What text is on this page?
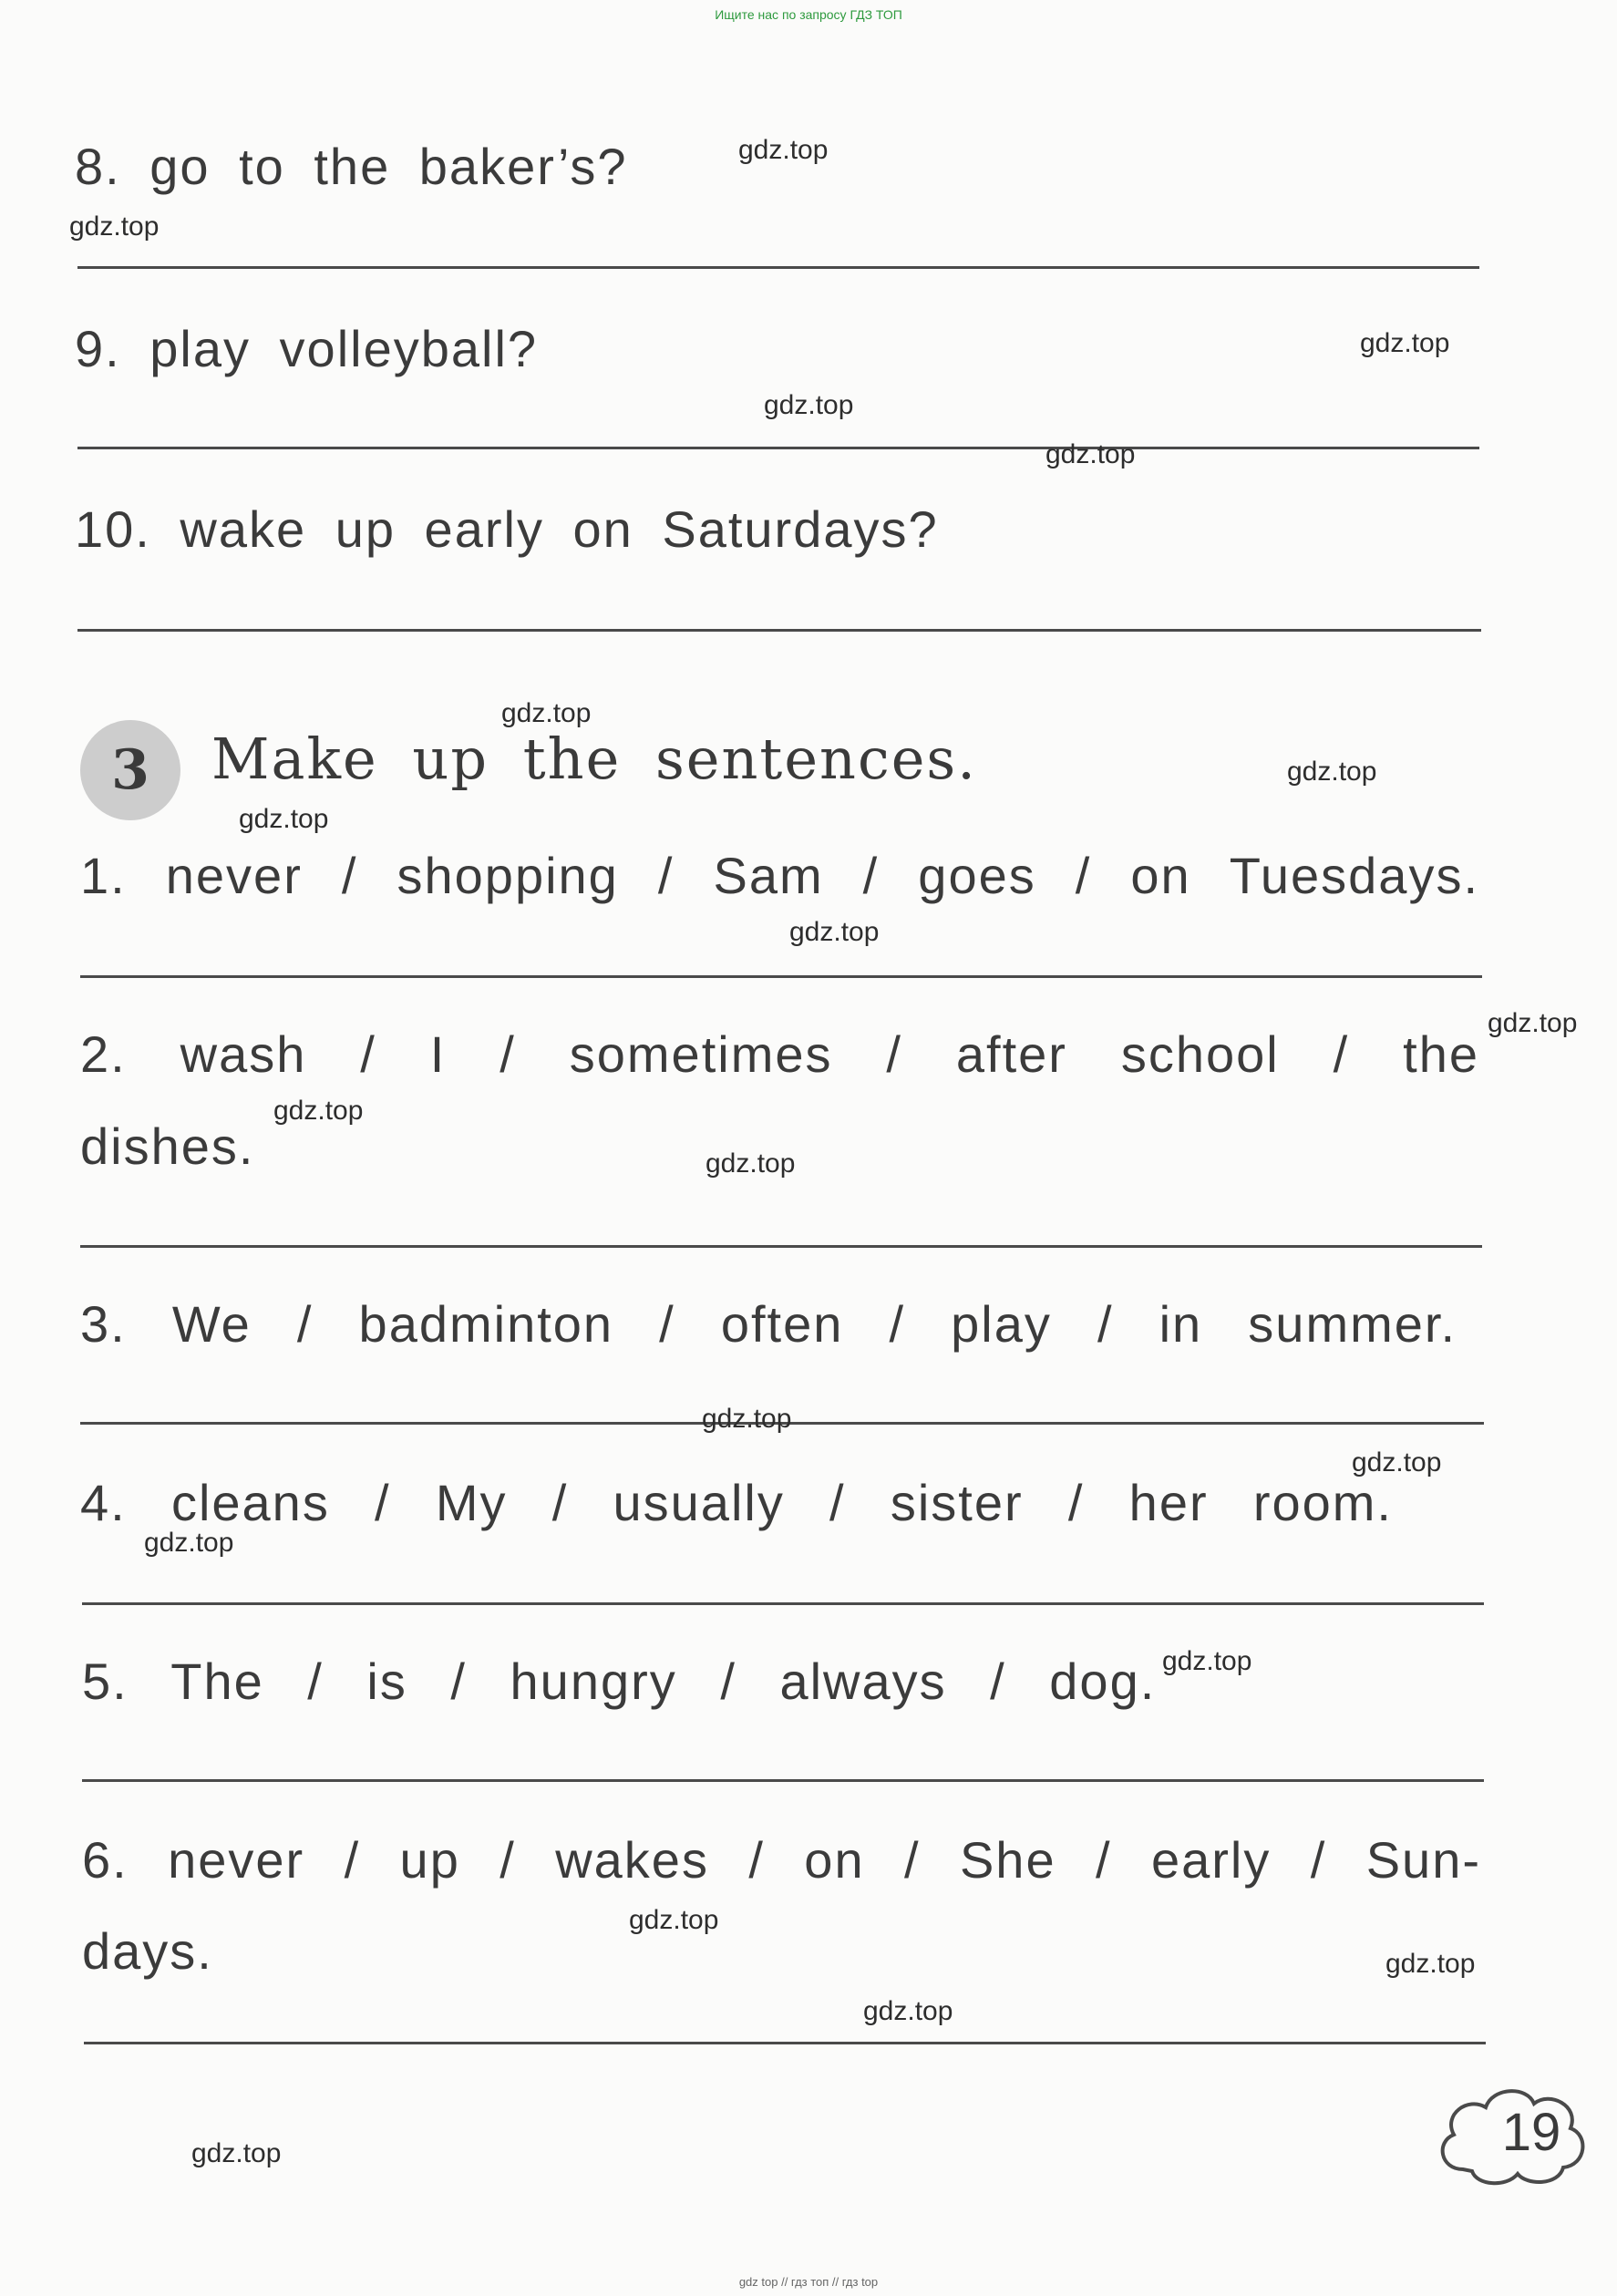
Ищите нас по запросу ГДЗ ТОП
8. go to the baker’s?
9. play volleyball?
10. wake up early on Saturdays?
3	Make up the sentences.
1. never / shopping / Sam / goes / on Tuesdays.
2. wash / I / sometimes / after school / the
dishes.
3. We / badminton / often / play / in summer.
4. cleans / My / usually / sister / her room.
5. The / is / hungry / always / dog.
6. never / up / wakes / on / She / early / Sun-
days.
19
gdz.top
gdz.top
gdz.top
gdz.top
gdz.top
gdz.top
gdz.top
gdz.top
gdz.top
gdz.top
gdz.top
gdz.top
gdz.top
gdz.top
gdz.top
gdz.top
gdz.top
gdz.top
gdz.top
gdz.top
gdz top // гдз топ // гдз top
